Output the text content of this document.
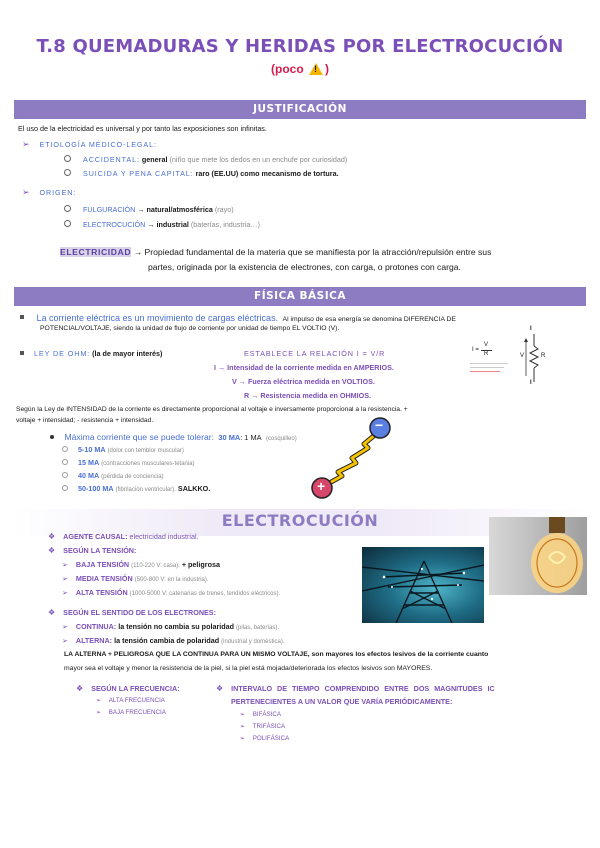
T.8 QUEMADURAS Y HERIDAS POR ELECTROCUCIÓN
(poco !)
JUSTIFICACIÓN
El uso de la electricidad es universal y por tanto las exposiciones son infinitas.
➢ ETIOLOGÍA MÉDICO-LEGAL:
ACCIDENTAL: general (niño que mete los dedos en un enchufe por curiosidad)
SUICIDA Y PENA CAPITAL: raro (EE.UU) como mecanismo de tortura.
➢ ORIGEN:
FULGURACIÓN → natural/atmosférica (rayo)
ELECTROCUCIÓN → industrial (baterías, industria…)
ELECTRICIDAD → Propiedad fundamental de la materia que se manifiesta por la atracción/repulsión entre sus
partes, originada por la existencia de electrones, con carga, o protones con carga.
FÍSICA BÁSICA
La corriente eléctrica es un movimiento de cargas eléctricas. Al impulso de esa energía se denomina DIFERENCIA DE
POTENCIAL/VOLTAJE, siendo la unidad de flujo de corriente por unidad de tiempo EL VOLTIO (V).
LEY DE OHM: (la de mayor interés)	ESTABLECE LA RELACIÓN I = V/R
I → Intensidad de la corriente medida en AMPERIOS.
V → Fuerza eléctrica medida en VOLTIOS.
R → Resistencia medida en OHMIOS.
I =
V
R
I
V	R
I
Según la Ley de INTENSIDAD de la corriente es directamente proporcional al voltaje e inversamente proporcional a la resistencia. +
voltaje + intensidad; - resistencia + intensidad.
Máxima corriente que se puede tolerar: 30 MA: 1 MA (cosquilleo)
5-10 MA (dolor con temblor muscular)
15 MA (contracciones musculares-tetania)
40 MA (pérdida de conciencia)
50-100 MA (fibrilación ventricular). SALKKO.
−
+
ELECTROCUCIÓN
❖ AGENTE CAUSAL: electricidad industrial.
❖ SEGÚN LA TENSIÓN:
➢ BAJA TENSIÓN (110-220 V: casa). + peligrosa
➢ MEDIA TENSIÓN (500-800 V: en la industria).
➢ ALTA TENSIÓN (1000-5000 V: catenarias de trenes, tendidos eléctricos).
❖ SEGÚN EL SENTIDO DE LOS ELECTRONES:
➢ CONTINUA: la tensión no cambia su polaridad (pilas, baterías).
➢ ALTERNA: la tensión cambia de polaridad (industrial y doméstica).
LA ALTERNA + PELIGROSA QUE LA CONTINUA PARA UN MISMO VOLTAJE, son mayores los efectos lesivos de la corriente cuanto
mayor sea el voltaje y menor la resistencia de la piel, si la piel está mojada/deteriorada los efectos lesivos son MAYORES.
❖ SEGÚN LA FRECUENCIA:
➢ ALTA FRECUENCIA
➢ BAJA FRECUENCIA
❖ INTERVALO DE TIEMPO COMPRENDIDO ENTRE DOS MAGNITUDES IC
PERTENECIENTES A UN VALOR QUE VARÍA PERIÓDICAMENTE:
➢ BIFÁSICA
➢ TRIFÁSICA
➢ POLIFÁSICA
